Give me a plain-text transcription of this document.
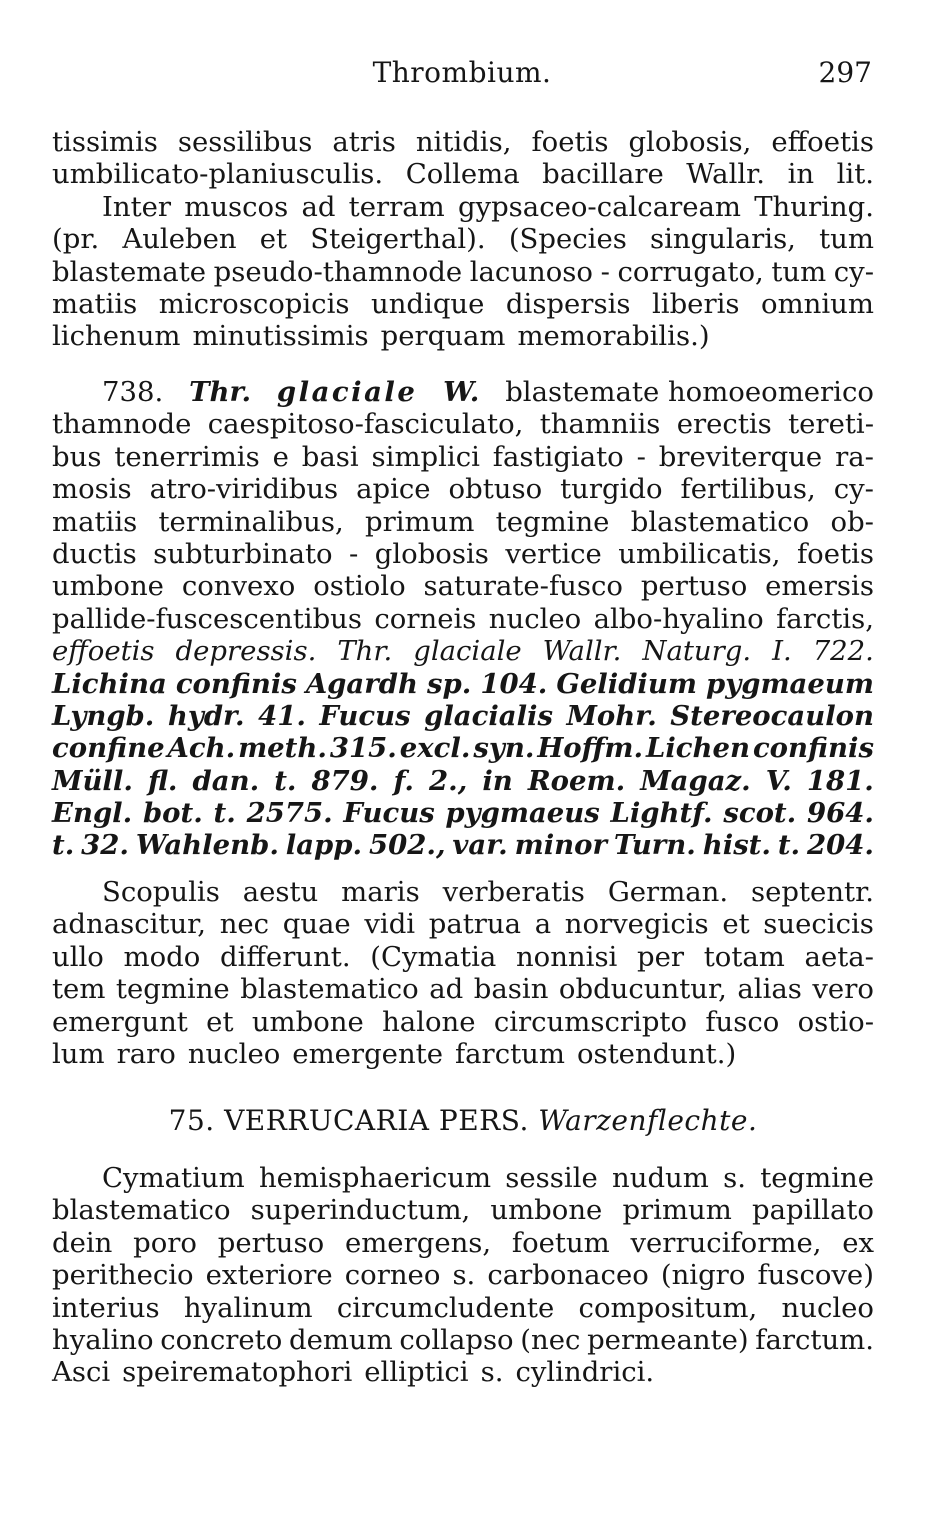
Thrombium.	297
tissimis sessilibus atris nitidis, foetis globosis, effoetis
umbilicato-planiusculis. Collema bacillare Wallr. in lit.
Inter muscos ad terram gypsaceo-calcaream Thuring.
(pr. Auleben et Steigerthal). (Species singularis, tum
blastemate pseudo-thamnode lacunoso - corrugato, tum cy-
matiis microscopicis undique dispersis liberis omnium
lichenum minutissimis perquam memorabilis.)
738. Thr. glaciale W. blastemate homoeomerico
thamnode caespitoso-fasciculato, thamniis erectis tereti-
bus tenerrimis e basi simplici fastigiato - breviterque ra-
mosis atro-viridibus apice obtuso turgido fertilibus, cy-
matiis terminalibus, primum tegmine blastematico ob-
ductis subturbinato - globosis vertice umbilicatis, foetis
umbone convexo ostiolo saturate-fusco pertuso emersis
pallide-fuscescentibus corneis nucleo albo-hyalino farctis,
effoetis depressis. Thr. glaciale Wallr. Naturg. I. 722.
Lichina confinis Agardh sp. 104. Gelidium pygmaeum
Lyngb. hydr. 41. Fucus glacialis Mohr. Stereocaulon
confine Ach. meth. 315. excl. syn. Hoffm. Lichen confinis
Müll. fl. dan. t. 879. f. 2., in Roem. Magaz. V. 181.
Engl. bot. t. 2575. Fucus pygmaeus Lightf. scot. 964.
t. 32. Wahlenb. lapp. 502., var. minor Turn. hist. t. 204.
Scopulis aestu maris verberatis German. septentr.
adnascitur, nec quae vidi patrua a norvegicis et suecicis
ullo modo differunt. (Cymatia nonnisi per totam aeta-
tem tegmine blastematico ad basin obducuntur, alias vero
emergunt et umbone halone circumscripto fusco ostio-
lum raro nucleo emergente farctum ostendunt.)
75. VERRUCARIA PERS. Warzenflechte.
Cymatium hemisphaericum sessile nudum s. tegmine
blastematico superinductum, umbone primum papillato
dein poro pertuso emergens, foetum verruciforme, ex
perithecio exteriore corneo s. carbonaceo (nigro fuscove)
interius hyalinum circumcludente compositum, nucleo
hyalino concreto demum collapso (nec permeante) farctum.
Asci speirematophori elliptici s. cylindrici.
